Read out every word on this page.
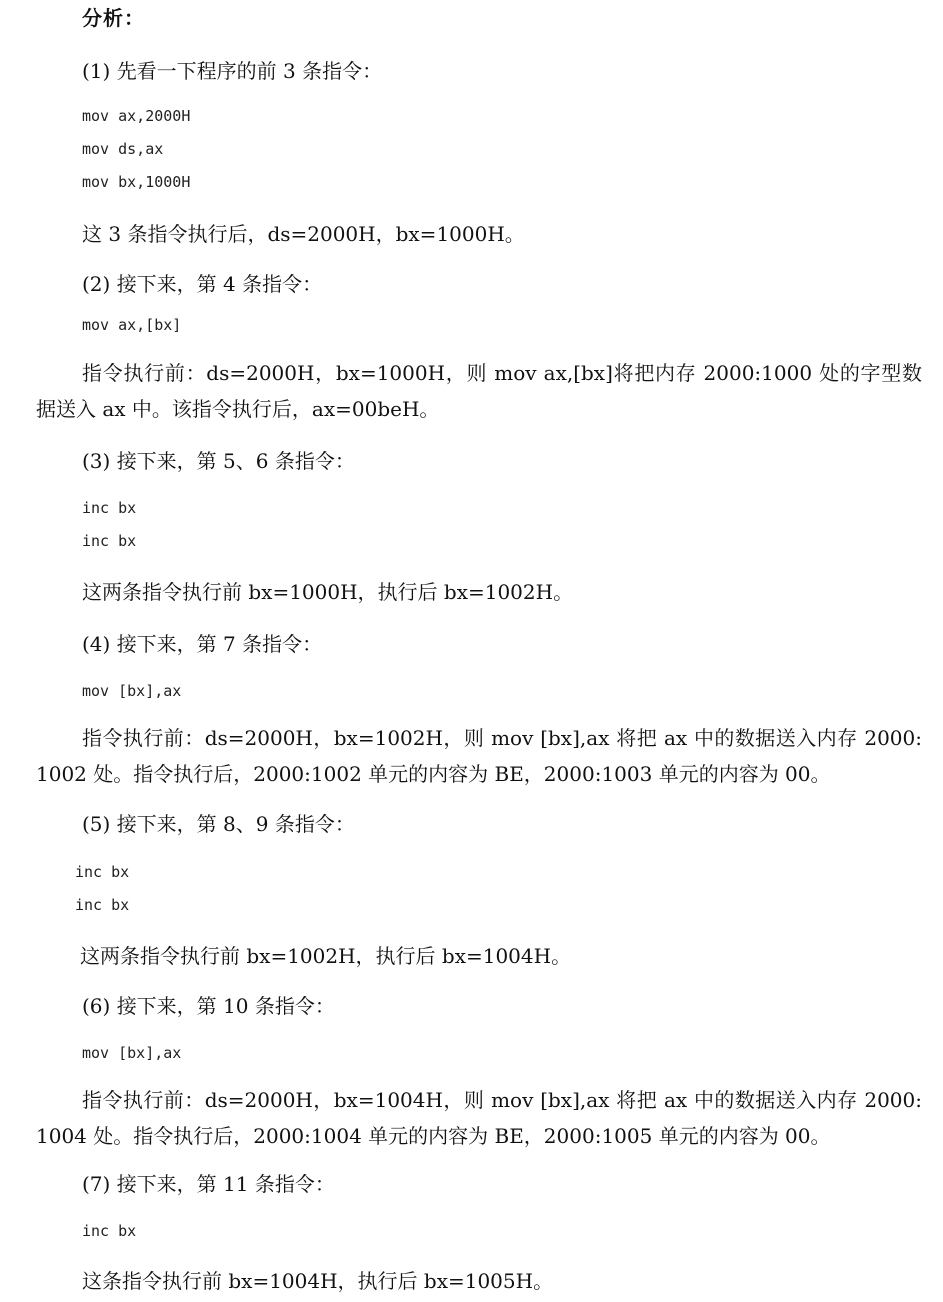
分析：
(1) 先看一下程序的前 3 条指令：
mov ax,2000H
mov ds,ax
mov bx,1000H
这 3 条指令执行后，ds=2000H，bx=1000H。
(2) 接下来，第 4 条指令：
mov ax,[bx]

指令执行前：ds=2000H，bx=1000H，则 mov ax,[bx]将把内存 2000:1000 处的字型数据送入 ax 中。该指令执行后，ax=00beH。

(3) 接下来，第 5、6 条指令：
inc bx
inc bx
这两条指令执行前 bx=1000H，执行后 bx=1002H。
(4) 接下来，第 7 条指令：
mov [bx],ax

指令执行前：ds=2000H，bx=1002H，则 mov [bx],ax 将把 ax 中的数据送入内存 2000:1002 处。指令执行后，2000:1002 单元的内容为 BE，2000:1003 单元的内容为 00。

(5) 接下来，第 8、9 条指令：
inc bx
inc bx
这两条指令执行前 bx=1002H，执行后 bx=1004H。
(6) 接下来，第 10 条指令：
mov [bx],ax

指令执行前：ds=2000H，bx=1004H，则 mov [bx],ax 将把 ax 中的数据送入内存 2000:1004 处。指令执行后，2000:1004 单元的内容为 BE，2000:1005 单元的内容为 00。

(7) 接下来，第 11 条指令：
inc bx
这条指令执行前 bx=1004H，执行后 bx=1005H。
